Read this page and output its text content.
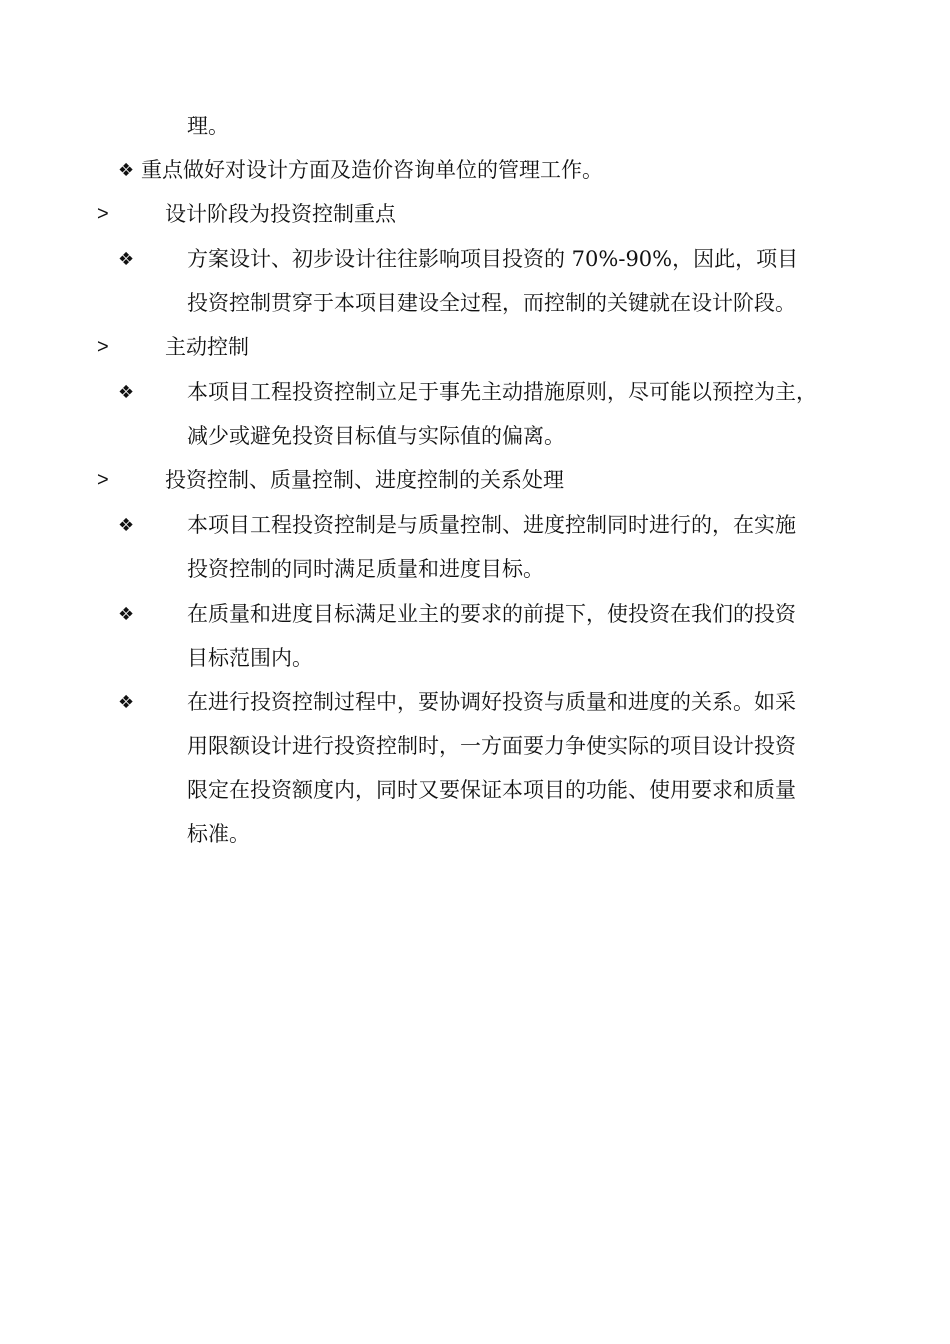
理。
❖ 重点做好对设计方面及造价咨询单位的管理工作。
>	设计阶段为投资控制重点
❖	方案设计、初步设计往往影响项目投资的 70%-90%，因此，项目
投资控制贯穿于本项目建设全过程，而控制的关键就在设计阶段。
>	主动控制
❖	本项目工程投资控制立足于事先主动措施原则，尽可能以预控为主，
减少或避免投资目标值与实际值的偏离。
>	投资控制、质量控制、进度控制的关系处理
❖	本项目工程投资控制是与质量控制、进度控制同时进行的，在实施
投资控制的同时满足质量和进度目标。
❖	在质量和进度目标满足业主的要求的前提下，使投资在我们的投资
目标范围内。
❖	在进行投资控制过程中，要协调好投资与质量和进度的关系。如采
用限额设计进行投资控制时，一方面要力争使实际的项目设计投资
限定在投资额度内，同时又要保证本项目的功能、使用要求和质量
标准。
